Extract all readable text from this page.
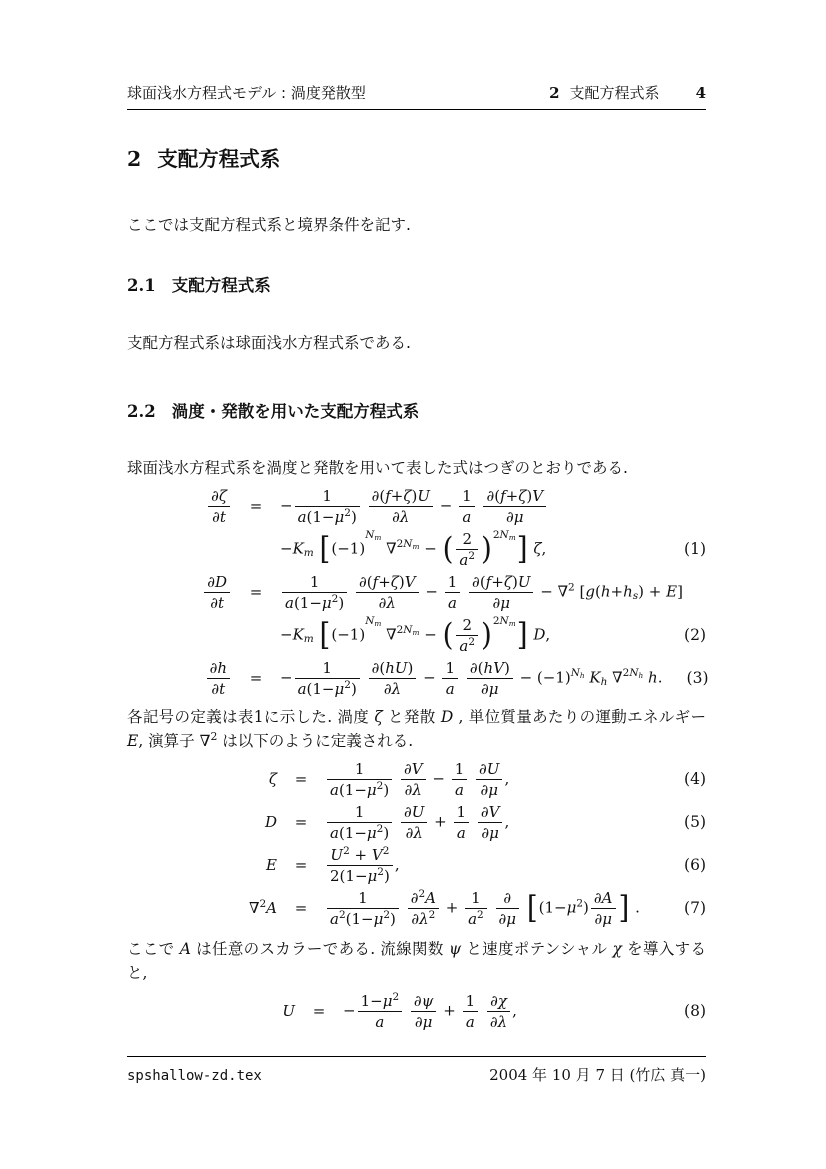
球面浅水方程式モデル : 渦度発散型	2 支配方程式系 4
2 支配方程式系
ここでは支配方程式系と境界条件を記す.
2.1 支配方程式系
支配方程式系は球面浅水方程式系である.
2.2 渦度・発散を用いた支配方程式系
球面浅水方程式系を渦度と発散を用いて表した式はつぎのとおりである.
$\frac{\partial\zeta}{\partial t}$	=	− $\frac{1}{a(1-\mu^2)}$
$\frac{\partial(f+\zeta)U}{\partial\lambda} - \frac{1}{a}$
$\frac{\partial(f+\zeta)V}{\partial\mu}$
$-K_m$ [$(-1)^{N_m}$ ∇$^{2N_m}$ − ( $\frac{2}{a^2} )^{2N_m}$] ζ,	(1)
$\frac{\partial D}{\partial t}$	=	$\frac{1}{a(1-\mu^2)}$
$\frac{\partial(f+\zeta)V}{\partial\lambda} - \frac{1}{a}$
$\frac{\partial(f+\zeta)U}{\partial\mu} - \nabla^2$ $[g(h+h_s) + E]$
$-K_m$ [$(-1)^{N_m}$ ∇$^{2N_m}$ − ( $\frac{2}{a^2} )^{2N_m}$] D,	(2)
$\frac{\partial h}{\partial t}$	=	− $\frac{1}{a(1-\mu^2)}$
$\frac{\partial(hU)}{\partial\lambda} - \frac{1}{a}$
$\frac{\partial(hV)}{\partial\mu} - (-1)^{N_h}$ $K_h$ ∇$^{2N_h}$ h.	(3)
各記号の定義は表1に示した. 渦度 ζ と発散 D , 単位質量あたりの運動エネルギー E, 演算子 ∇$^2$ は以下のように定義される.
ζ	=	$\frac{1}{a(1-\mu^2)}$
$\frac{\partial V}{\partial\lambda} - \frac{1}{a}$
$\frac{\partial U}{\partial\mu}$ ,	(4)
D	=	$\frac{1}{a(1-\mu^2)}$
$\frac{\partial U}{\partial\lambda} + \frac{1}{a}$
$\frac{\partial V}{\partial\mu}$ ,	(5)
E	=	$\frac{U^2 + V^2}{2(1-\mu^2)}$ ,	(6)
∇$^2$A	=	$\frac{1}{a^2(1-\mu^2)}$
$\frac{\partial^2A}{\partial\lambda^2} + \frac{1}{a^2}$
	∂
∂μ [$(1-\mu^2) \frac{\partial A}{\partial\mu}$ ] .	(7)
ここで A は任意のスカラーである. 流線関数 ψ と速度ポテンシャル χ を導入すると,
U	=	− $\frac{1-\mu^2}{a}$
$\frac{\partial\psi}{\partial\mu} + \frac{1}{a}$
$\frac{\partial\chi}{\partial\lambda}$ ,	(8)
spshallow-zd.tex	2004 年 10 月 7 日 (竹広 真一)
